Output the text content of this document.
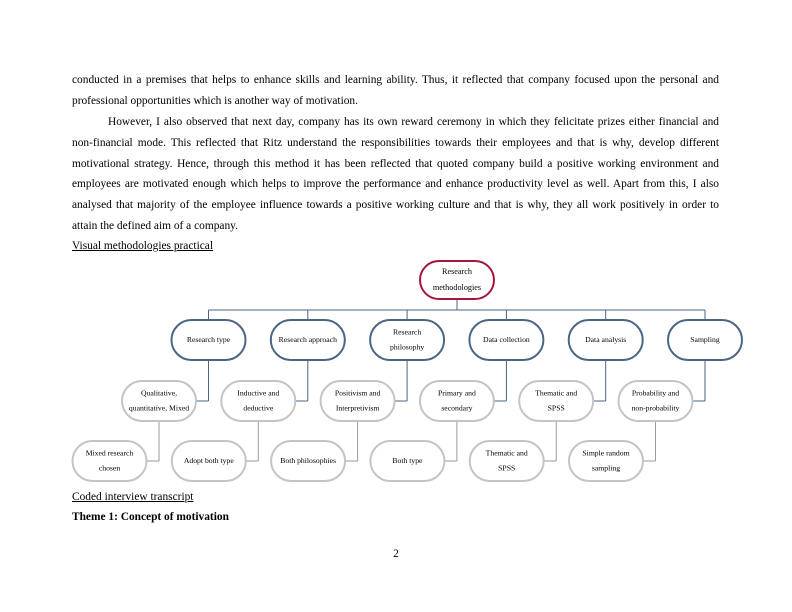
conducted in a premises that helps to enhance skills and learning ability. Thus, it reflected that company focused upon the personal and professional opportunities which is another way of motivation.

However, I also observed that next day, company has its own reward ceremony in which they felicitate prizes either financial and non-financial mode. This reflected that Ritz understand the responsibilities towards their employees and that is why, develop different motivational strategy. Hence, through this method it has been reflected that quoted company build a positive working environment and employees are motivated enough which helps to improve the performance and enhance productivity level as well. Apart from this, I also analysed that majority of the employee influence towards a positive working culture and that is why, they all work positively in order to attain the defined aim of a company.

Visual methodologies practical
Research
methodologies
Research type
Qualitative,
quantitative, Mixed
Mixed research
chosen
Research approach
Inductive and
deductive
Adopt both type
Research
philosophy
Positivism and
Interpretivism
Both philosophies
Data collection
Primary and
secondary
Both type
Data analysis
Thematic and
SPSS
Thematic and
SPSS
Sampling
Probability and
non-probability
Simple random
sampling
Coded interview transcript
Theme 1: Concept of motivation
2
